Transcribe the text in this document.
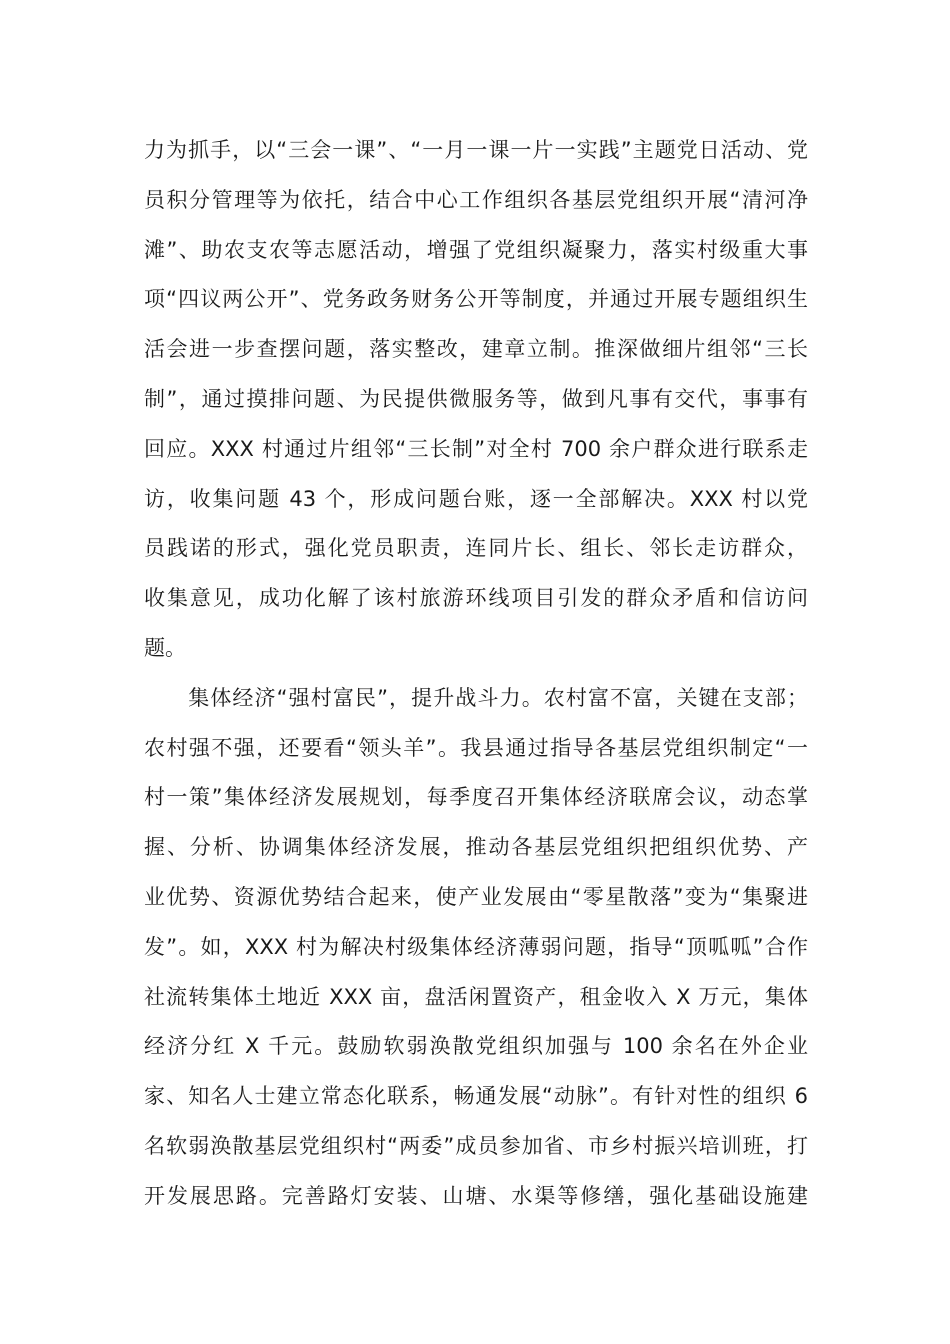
力为抓手，以“三会一课”、“一月一课一片一实践”主题党日活动、党
员积分管理等为依托，结合中心工作组织各基层党组织开展“清河净
滩”、助农支农等志愿活动，增强了党组织凝聚力，落实村级重大事
项“四议两公开”、党务政务财务公开等制度，并通过开展专题组织生
活会进一步查摆问题，落实整改，建章立制。推深做细片组邻“三长
制”，通过摸排问题、为民提供微服务等，做到凡事有交代，事事有
回应。XXX 村通过片组邻“三长制”对全村 700 余户群众进行联系走
访，收集问题 43 个，形成问题台账，逐一全部解决。XXX 村以党
员践诺的形式，强化党员职责，连同片长、组长、邻长走访群众，
收集意见，成功化解了该村旅游环线项目引发的群众矛盾和信访问
题。
　　集体经济“强村富民”，提升战斗力。农村富不富，关键在支部；
农村强不强，还要看“领头羊”。我县通过指导各基层党组织制定“一
村一策”集体经济发展规划，每季度召开集体经济联席会议，动态掌
握、分析、协调集体经济发展，推动各基层党组织把组织优势、产
业优势、资源优势结合起来，使产业发展由“零星散落”变为“集聚进
发”。如，XXX 村为解决村级集体经济薄弱问题，指导“顶呱呱”合作
社流转集体土地近 XXX 亩，盘活闲置资产，租金收入 X 万元，集体
经济分红 X 千元。鼓励软弱涣散党组织加强与 100 余名在外企业
家、知名人士建立常态化联系，畅通发展“动脉”。有针对性的组织 6
名软弱涣散基层党组织村“两委”成员参加省、市乡村振兴培训班，打
开发展思路。完善路灯安装、山塘、水渠等修缮，强化基础设施建
